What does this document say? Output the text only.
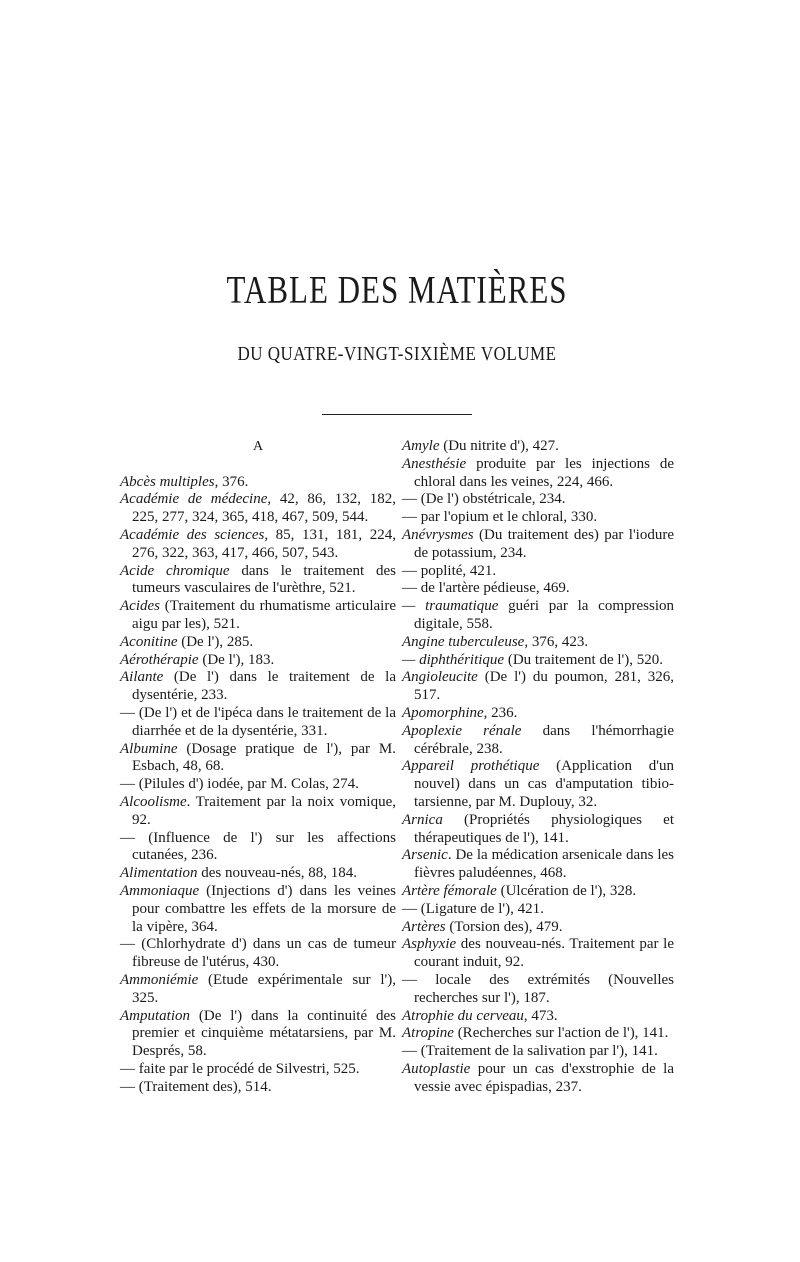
TABLE DES MATIÈRES
DU QUATRE-VINGT-SIXIÈME VOLUME
A

Abcès multiples, 376.

Académie de médecine, 42, 86, 132, 182, 225, 277, 324, 365, 418, 467, 509, 544.

Académie des sciences, 85, 131, 181, 224, 276, 322, 363, 417, 466, 507, 543.

Acide chromique dans le traitement des tumeurs vasculaires de l'urèthre, 521.

Acides (Traitement du rhumatisme articulaire aigu par les), 521.

Aconitine (De l'), 285.

Aérothérapie (De l'), 183.

Ailante (De l') dans le traitement de la dysentérie, 233.

— (De l') et de l'ipéca dans le traitement de la diarrhée et de la dysentérie, 331.

Albumine (Dosage pratique de l'), par M. Esbach, 48, 68.

— (Pilules d') iodée, par M. Colas, 274.

Alcoolisme. Traitement par la noix vomique, 92.

— (Influence de l') sur les affections cutanées, 236.

Alimentation des nouveau-nés, 88, 184.

Ammoniaque (Injections d') dans les veines pour combattre les effets de la morsure de la vipère, 364.

— (Chlorhydrate d') dans un cas de tumeur fibreuse de l'utérus, 430.

Ammoniémie (Etude expérimentale sur l'), 325.

Amputation (De l') dans la continuité des premier et cinquième métatarsiens, par M. Després, 58.

— faite par le procédé de Silvestri, 525.

— (Traitement des), 514.

Amyle (Du nitrite d'), 427.

Anesthésie produite par les injections de chloral dans les veines, 224, 466.

— (De l') obstétricale, 234.

— par l'opium et le chloral, 330.

Anévrysmes (Du traitement des) par l'iodure de potassium, 234.

— poplité, 421.

— de l'artère pédieuse, 469.

— traumatique guéri par la compression digitale, 558.

Angine tuberculeuse, 376, 423.

— diphthéritique (Du traitement de l'), 520.

Angioleucite (De l') du poumon, 281, 326, 517.

Apomorphine, 236.

Apoplexie rénale dans l'hémorrhagie cérébrale, 238.

Appareil prothétique (Application d'un nouvel) dans un cas d'amputation tibio-tarsienne, par M. Duplouy, 32.

Arnica (Propriétés physiologiques et thérapeutiques de l'), 141.

Arsenic. De la médication arsenicale dans les fièvres paludéennes, 468.

Artère fémorale (Ulcération de l'), 328.

— (Ligature de l'), 421.

Artères (Torsion des), 479.

Asphyxie des nouveau-nés. Traitement par le courant induit, 92.

— locale des extrémités (Nouvelles recherches sur l'), 187.

Atrophie du cerveau, 473.

Atropine (Recherches sur l'action de l'), 141.

— (Traitement de la salivation par l'), 141.

Autoplastie pour un cas d'exstrophie de la vessie avec épispadias, 237.
